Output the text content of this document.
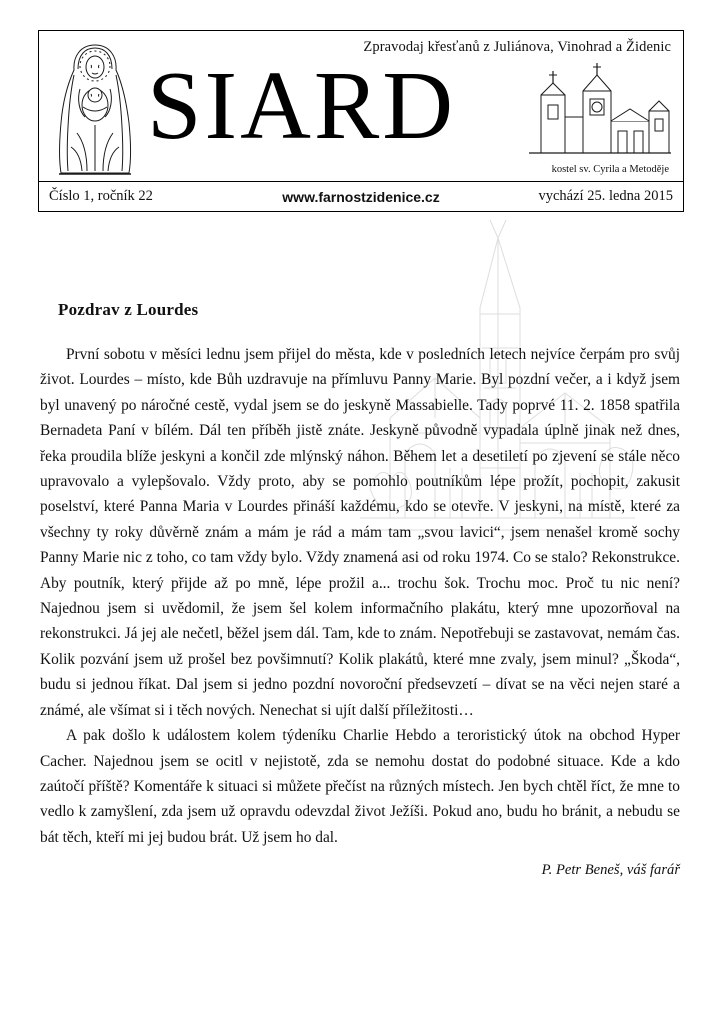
Zpravodaj křesťanů z Juliánova, Vinohrad a Židenic
SIARD
kostel sv. Cyrila a Metoděje
Číslo 1, ročník 22	www.farnostzidenice.cz	vychází 25. ledna 2015
Pozdrav z Lourdes

První sobotu v měsíci lednu jsem přijel do města, kde v posledních letech nejvíce čerpám pro svůj život. Lourdes – místo, kde Bůh uzdravuje na přímluvu Panny Marie. Byl pozdní večer, a i když jsem byl unavený po náročné cestě, vydal jsem se do jeskyně Massabielle. Tady poprvé 11. 2. 1858 spatřila Bernadeta Paní v bílém. Dál ten příběh jistě znáte. Jeskyně původně vypadala úplně jinak než dnes, řeka proudila blíže jeskyni a končil zde mlýnský náhon. Během let a desetiletí po zjevení se stále něco upravovalo a vylepšovalo. Vždy proto, aby se pomohlo poutníkům lépe prožít, pochopit, zakusit poselství, které Panna Maria v Lourdes přináší každému, kdo se otevře. V jeskyni, na místě, které za všechny ty roky důvěrně znám a mám je rád a mám tam „svou lavici“, jsem nenašel kromě sochy Panny Marie nic z toho, co tam vždy bylo. Vždy znamená asi od roku 1974. Co se stalo? Rekonstrukce. Aby poutník, který přijde až po mně, lépe prožil a... trochu šok. Trochu moc. Proč tu nic není? Najednou jsem si uvědomil, že jsem šel kolem informačního plakátu, který mne upozorňoval na rekonstrukci. Já jej ale nečetl, běžel jsem dál. Tam, kde to znám. Nepotřebuji se zastavovat, nemám čas. Kolik pozvání jsem už prošel bez povšimnutí? Kolik plakátů, které mne zvaly, jsem minul? „Škoda“, budu si jednou říkat. Dal jsem si jedno pozdní novoroční předsevzetí – dívat se na věci nejen staré a známé, ale všímat si i těch nových. Nenechat si ujít další příležitosti…

A pak došlo k událostem kolem týdeníku Charlie Hebdo a teroristický útok na obchod Hyper Cacher. Najednou jsem se ocitl v nejistotě, zda se nemohu dostat do podobné situace. Kde a kdo zaútočí příště? Komentáře k situaci si můžete přečíst na různých místech. Jen bych chtěl říct, že mne to vedlo k zamyšlení, zda jsem už opravdu odevzdal život Ježíši. Pokud ano, budu ho bránit, a nebudu se bát těch, kteří mi jej budou brát. Už jsem ho dal.

P. Petr Beneš, váš farář
